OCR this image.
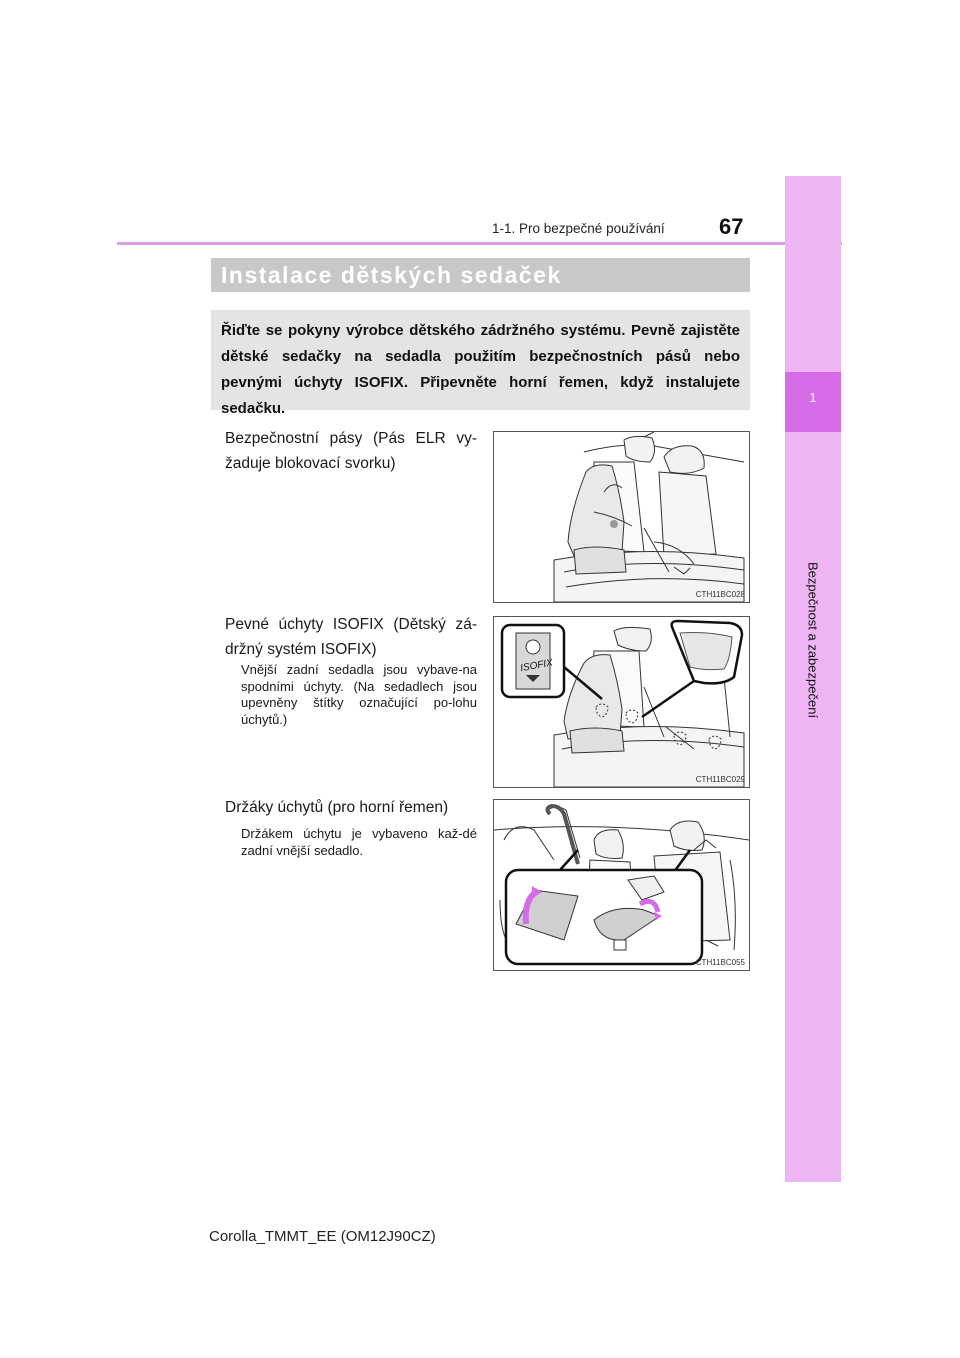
1-1. Pro bezpečné používání 67
1
Bezpečnost a zabezpečení
Instalace dětských sedaček
Řiďte se pokyny výrobce dětského zádržného systému. Pevně zajistěte dětské sedačky na sedadla použitím bezpečnostních pásů nebo pevnými úchyty ISOFIX. Připevněte horní řemen, když instalujete sedačku.
Bezpečnostní pásy (Pás ELR vy-žaduje blokovací svorku)
CTH11BC028
Pevné úchyty ISOFIX (Dětský zá-držný systém ISOFIX)
Vnější zadní sedadla jsou vybave-na spodními úchyty. (Na sedadlech jsou upevněny štítky označující po-lohu úchytů.)
ISOFIX
CTH11BC029
Držáky úchytů (pro horní řemen)
Držákem úchytu je vybaveno kaž-dé zadní vnější sedadlo.
CTH11BC055
Corolla_TMMT_EE (OM12J90CZ)
